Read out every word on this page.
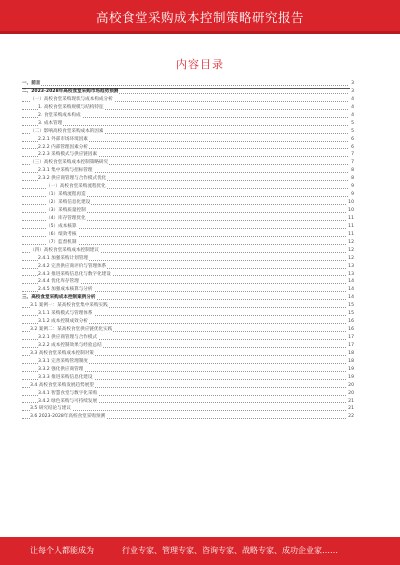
高校食堂采购成本控制策略研究报告
内容目录
一、前言	3
二、2023-2028年高校食堂采购市场趋势预测	3
（一）高校食堂采购现状与成本构成分析	4
1. 高校食堂采购规模与结构特征	4
2. 食堂采购成本构成	4
3. 成本管理	5
（二）影响高校食堂采购成本的因素	5
2.2.1 外部市场环境因素	6
2.2.2 内部管理因素分析	6
2.2.3 采购模式与供应链因素	7
（三）高校食堂采购成本控制策略研究	7
2.3.1 集中采购与招标管理	8
2.3.2 供应商管理与合作模式优化	8
（一）高校食堂采购流程优化	9
（1）采购流程再造	9
（2）采购信息化建设	10
（3）采购质量控制	10
（4）库存管理优化	11
（5）成本核算	11
（6）绩效考核	11
（7）监督机制	12
（四）高校食堂采购成本控制建议	12
2.4.1 加强采购计划管理	12
2.4.2 完善供应商评价与管理体系	13
2.4.3 推进采购信息化与数字化建设	13
2.4.4 优化库存管理	14
2.4.5 加强成本核算与分析	14
三、高校食堂采购成本控制案例分析	14
3.1 案例一：某高校食堂集中采购实践	15
3.1.1 采购模式与管理体系	15
3.1.2 成本控制成效分析	16
3.2 案例二：某高校食堂供应链优化实践	16
3.2.1 供应商管理与合作模式	17
3.2.2 成本控制效果与经验总结	17
3.3 高校食堂采购成本控制对策	18
3.3.1 完善采购管理制度	18
3.3.2 强化供应商管理	19
3.3.3 推进采购信息化建设	19
3.4 高校食堂采购发展趋势展望	20
3.4.1 智慧食堂与数字化采购	20
3.4.2 绿色采购与可持续发展	21
3.5 研究结论与建议	21
3.6 2023-2028年高校食堂采购预测	22
让每个人都能成为	行业专家、管理专家、咨询专家、战略专家、成功企业家……
